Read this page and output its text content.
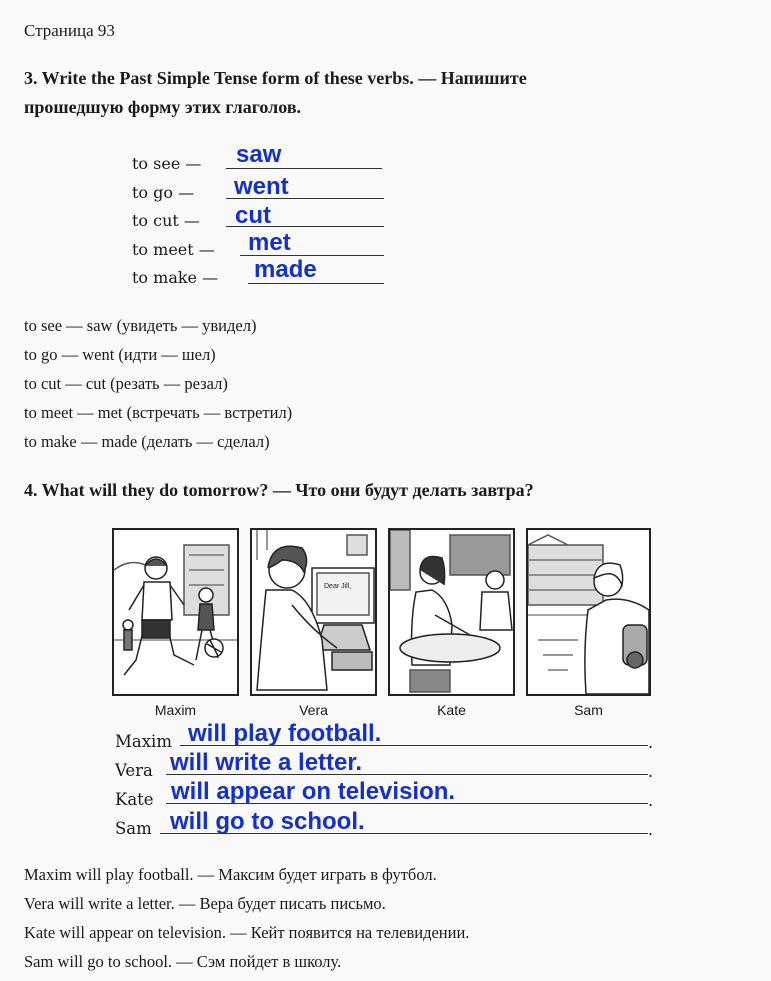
Страница 93
3. Write the Past Simple Tense form of these verbs. — Напишите
прошедшую форму этих глаголов.
to see — saw
to go — went
to cut — cut
to meet — met
to make — made
to see — saw (увидеть — увидел)
to go — went (идти — шел)
to cut — cut (резать — резал)
to meet — met (встречать — встретил)
to make — made (делать — сделал)
4. What will they do tomorrow? — Что они будут делать завтра?
Dear Jill,
Maxim	Vera	Kate	Sam
Maxim	.
will play football.
Vera	.
will write a letter.
Kate	.
will appear on television.
Sam	.
will go to school.
Maxim will play football. — Максим будет играть в футбол.
Vera will write a letter. — Вера будет писать письмо.
Kate will appear on television. — Кейт появится на телевидении.
Sam will go to school. — Сэм пойдет в школу.
